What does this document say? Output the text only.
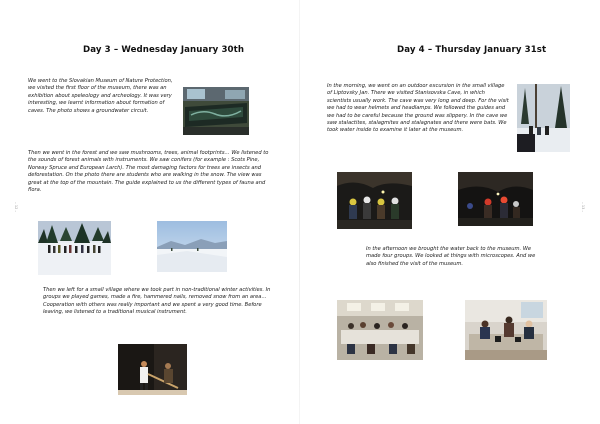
Day 3 – Wednesday January 30th

We went to the Slovakian Museum of Nature Protection, we visited the first floor of the museum, there was an exhibition about speleology and archeology. It was very interesting, we learnt information about formation of caves. The photo shows a groundwater circuit.

Then we went in the forest and we saw mushrooms, trees, animal footprints… We listened to the sounds of forest animals with instruments. We saw conifers (for example : Scots Pine, Norway Spruce and European Larch). The most damaging factors for trees are insects and deforestation. On the photo there are students who are walking in the snow. The view was great at the top of the mountain. The guide explained to us the different types of fauna and flora.

Then we left for a small village where we took part in non-traditional winter activities. In groups we played games, made a fire, hammered nails, removed snow from an area… Cooperation with others was really important and we spent a very good time. Before leaving, we listened to a traditional musical instrument.

– 12 –
Day 4 – Thursday January 31st

In the morning, we went on an outdoor excursion in the small village of Liptovsky Jan. There we visited Stanisovska Cave, in which scientists usually work. The cave was very long and deep. For the visit we had to wear helmets and headlamps. We followed the guides and we had to be careful because the ground was slippery. In the cave we saw stalactites, stalagmites and stalagnates and there were bats. We took water inside to examine it later at the museum.

In the afternoon we brought the water back to the museum. We made four groups. We looked at things with microscopes. And we also finished the visit of the museum.

– 13 –
